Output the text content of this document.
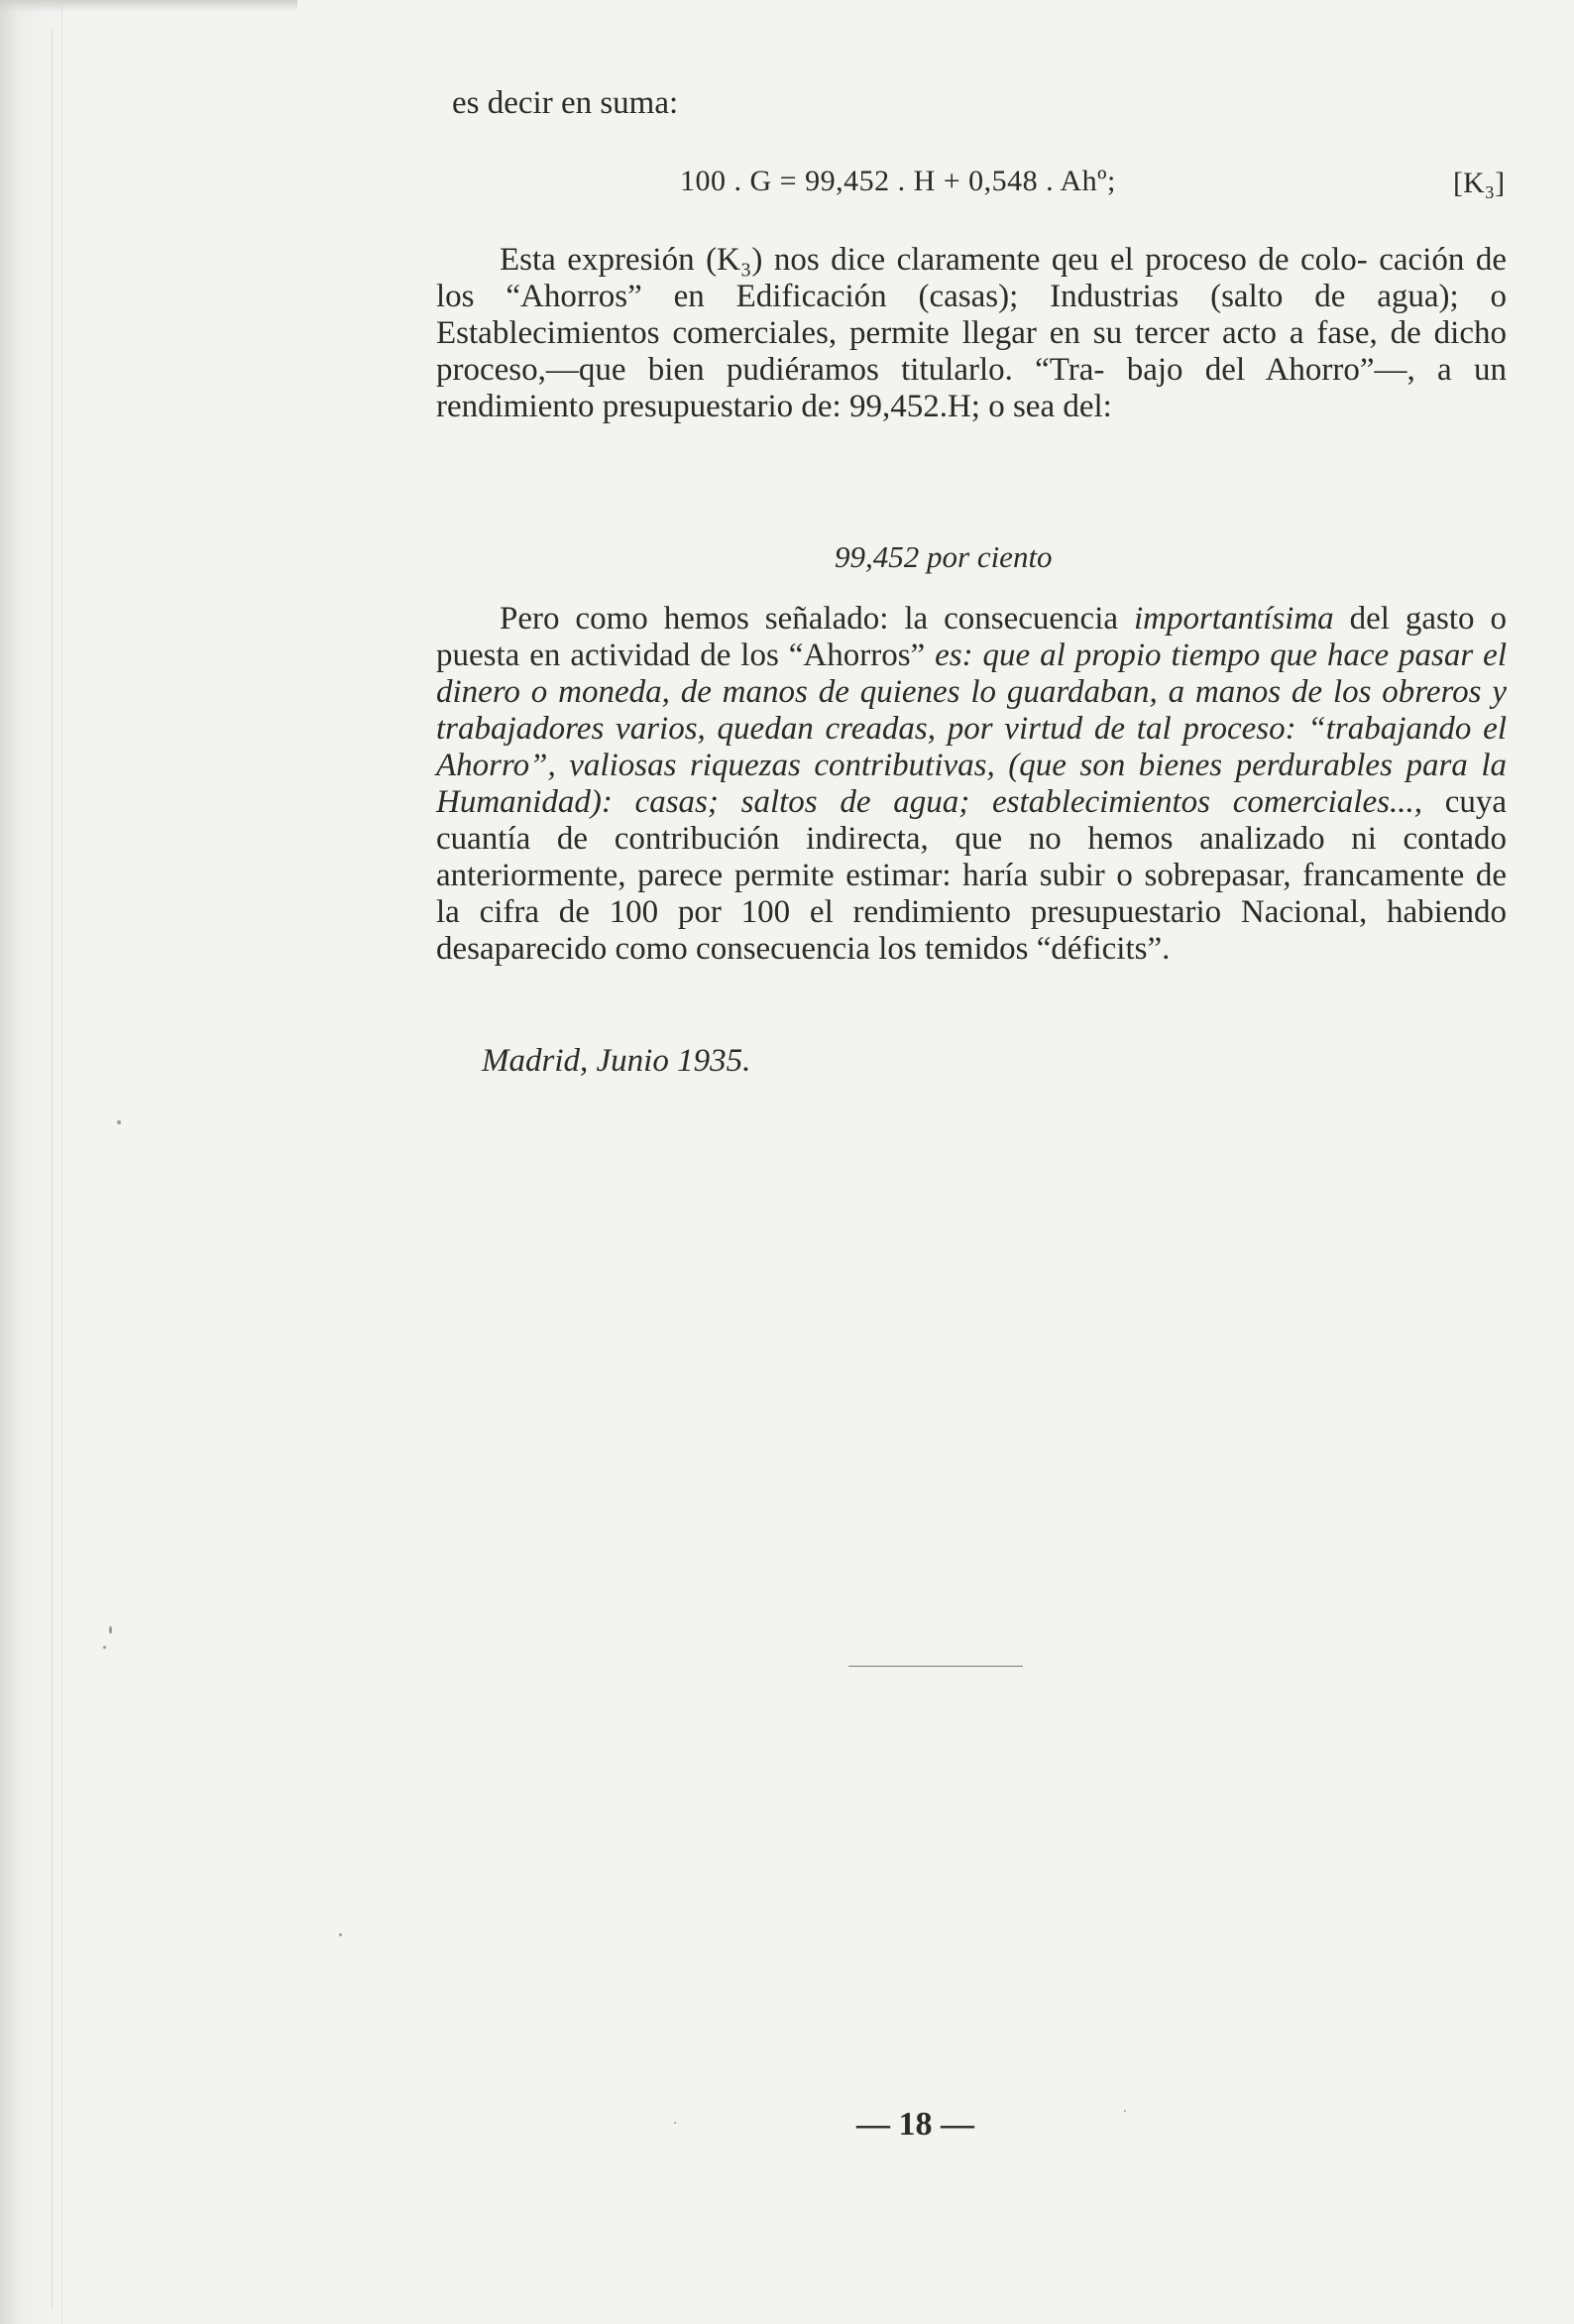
es decir en suma:
100 . G = 99,452 . H + 0,548 . Ahº;	[K₃]
Esta expresión (K₃) nos dice claramente qeu el proceso de colo- cación de los “Ahorros” en Edificación (casas); Industrias (salto de agua); o Establecimientos comerciales, permite llegar en su tercer acto a fase, de dicho proceso,—que bien pudiéramos titularlo. “Tra- bajo del Ahorro”—, a un rendimiento presupuestario de: 99,452.H; o sea del:
99,452 por ciento
Pero como hemos señalado: la consecuencia importantísima del gasto o puesta en actividad de los “Ahorros” es: que al propio tiempo que hace pasar el dinero o moneda, de manos de quienes lo guardaban, a manos de los obreros y trabajadores varios, quedan creadas, por virtud de tal proceso: “trabajando el Ahorro”, valiosas riquezas contributivas, (que son bienes perdurables para la Humanidad): casas; saltos de agua; establecimientos comerciales..., cuya cuantía de contribución indirecta, que no hemos analizado ni contado anteriormente, parece permite estimar: haría subir o sobrepasar, francamente de la cifra de 100 por 100 el rendimiento presupuestario Nacional, habiendo desaparecido como consecuencia los temidos “déficits”.
Madrid, Junio 1935.
— 18 —
